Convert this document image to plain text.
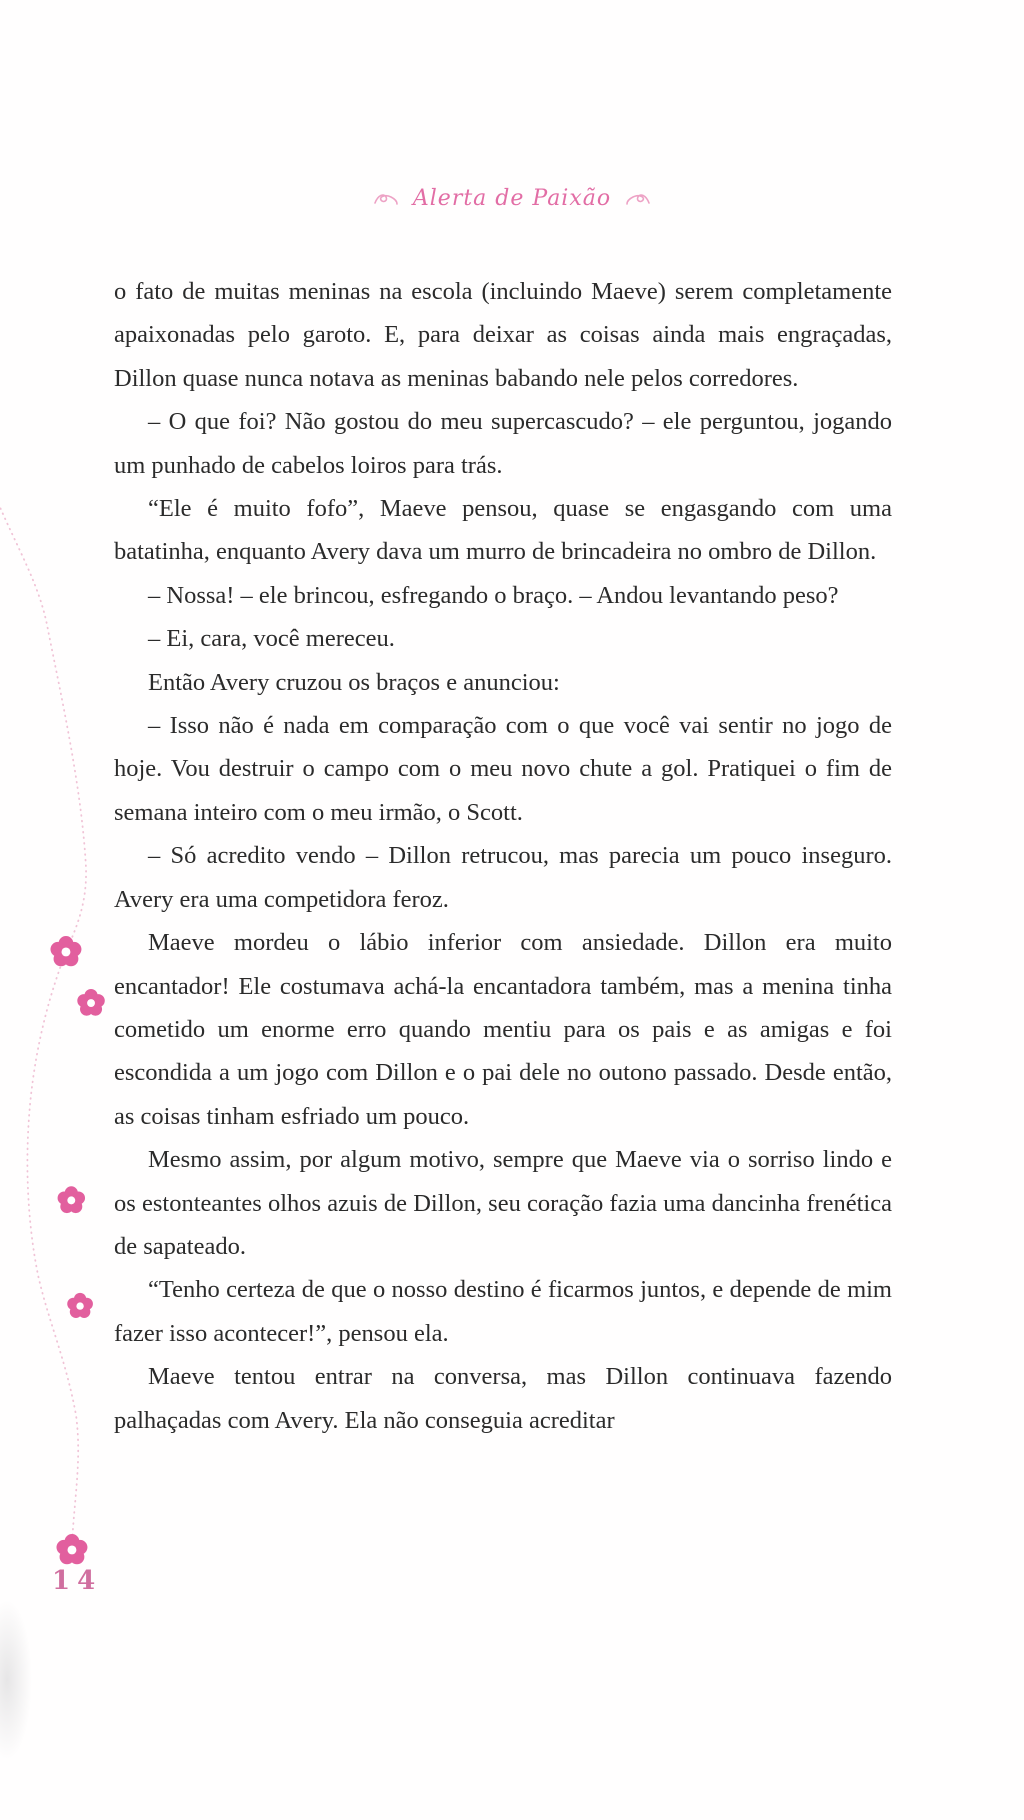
Alerta de Paixão

o fato de muitas meninas na escola (incluindo Maeve) serem completamente apaixonadas pelo garoto. E, para deixar as coisas ainda mais engraçadas, Dillon quase nunca notava as meninas babando nele pelos corredores.

– O que foi? Não gostou do meu supercascudo? – ele perguntou, jogando um punhado de cabelos loiros para trás.

“Ele é muito fofo”, Maeve pensou, quase se engasgando com uma batatinha, enquanto Avery dava um murro de brincadeira no ombro de Dillon.

– Nossa! – ele brincou, esfregando o braço. – Andou levantando peso?

– Ei, cara, você mereceu.

Então Avery cruzou os braços e anunciou:

– Isso não é nada em comparação com o que você vai sentir no jogo de hoje. Vou destruir o campo com o meu novo chute a gol. Pratiquei o fim de semana inteiro com o meu irmão, o Scott.

– Só acredito vendo – Dillon retrucou, mas parecia um pouco inseguro. Avery era uma competidora feroz.

Maeve mordeu o lábio inferior com ansiedade. Dillon era muito encantador! Ele costumava achá-la encantadora também, mas a menina tinha cometido um enorme erro quando mentiu para os pais e as amigas e foi escondida a um jogo com Dillon e o pai dele no outono passado. Desde então, as coisas tinham esfriado um pouco.

Mesmo assim, por algum motivo, sempre que Maeve via o sorriso lindo e os estonteantes olhos azuis de Dillon, seu coração fazia uma dancinha frenética de sapateado.

“Tenho certeza de que o nosso destino é ficarmos juntos, e depende de mim fazer isso acontecer!”, pensou ela.

Maeve tentou entrar na conversa, mas Dillon continuava fazendo palhaçadas com Avery. Ela não conseguia acreditar

14
